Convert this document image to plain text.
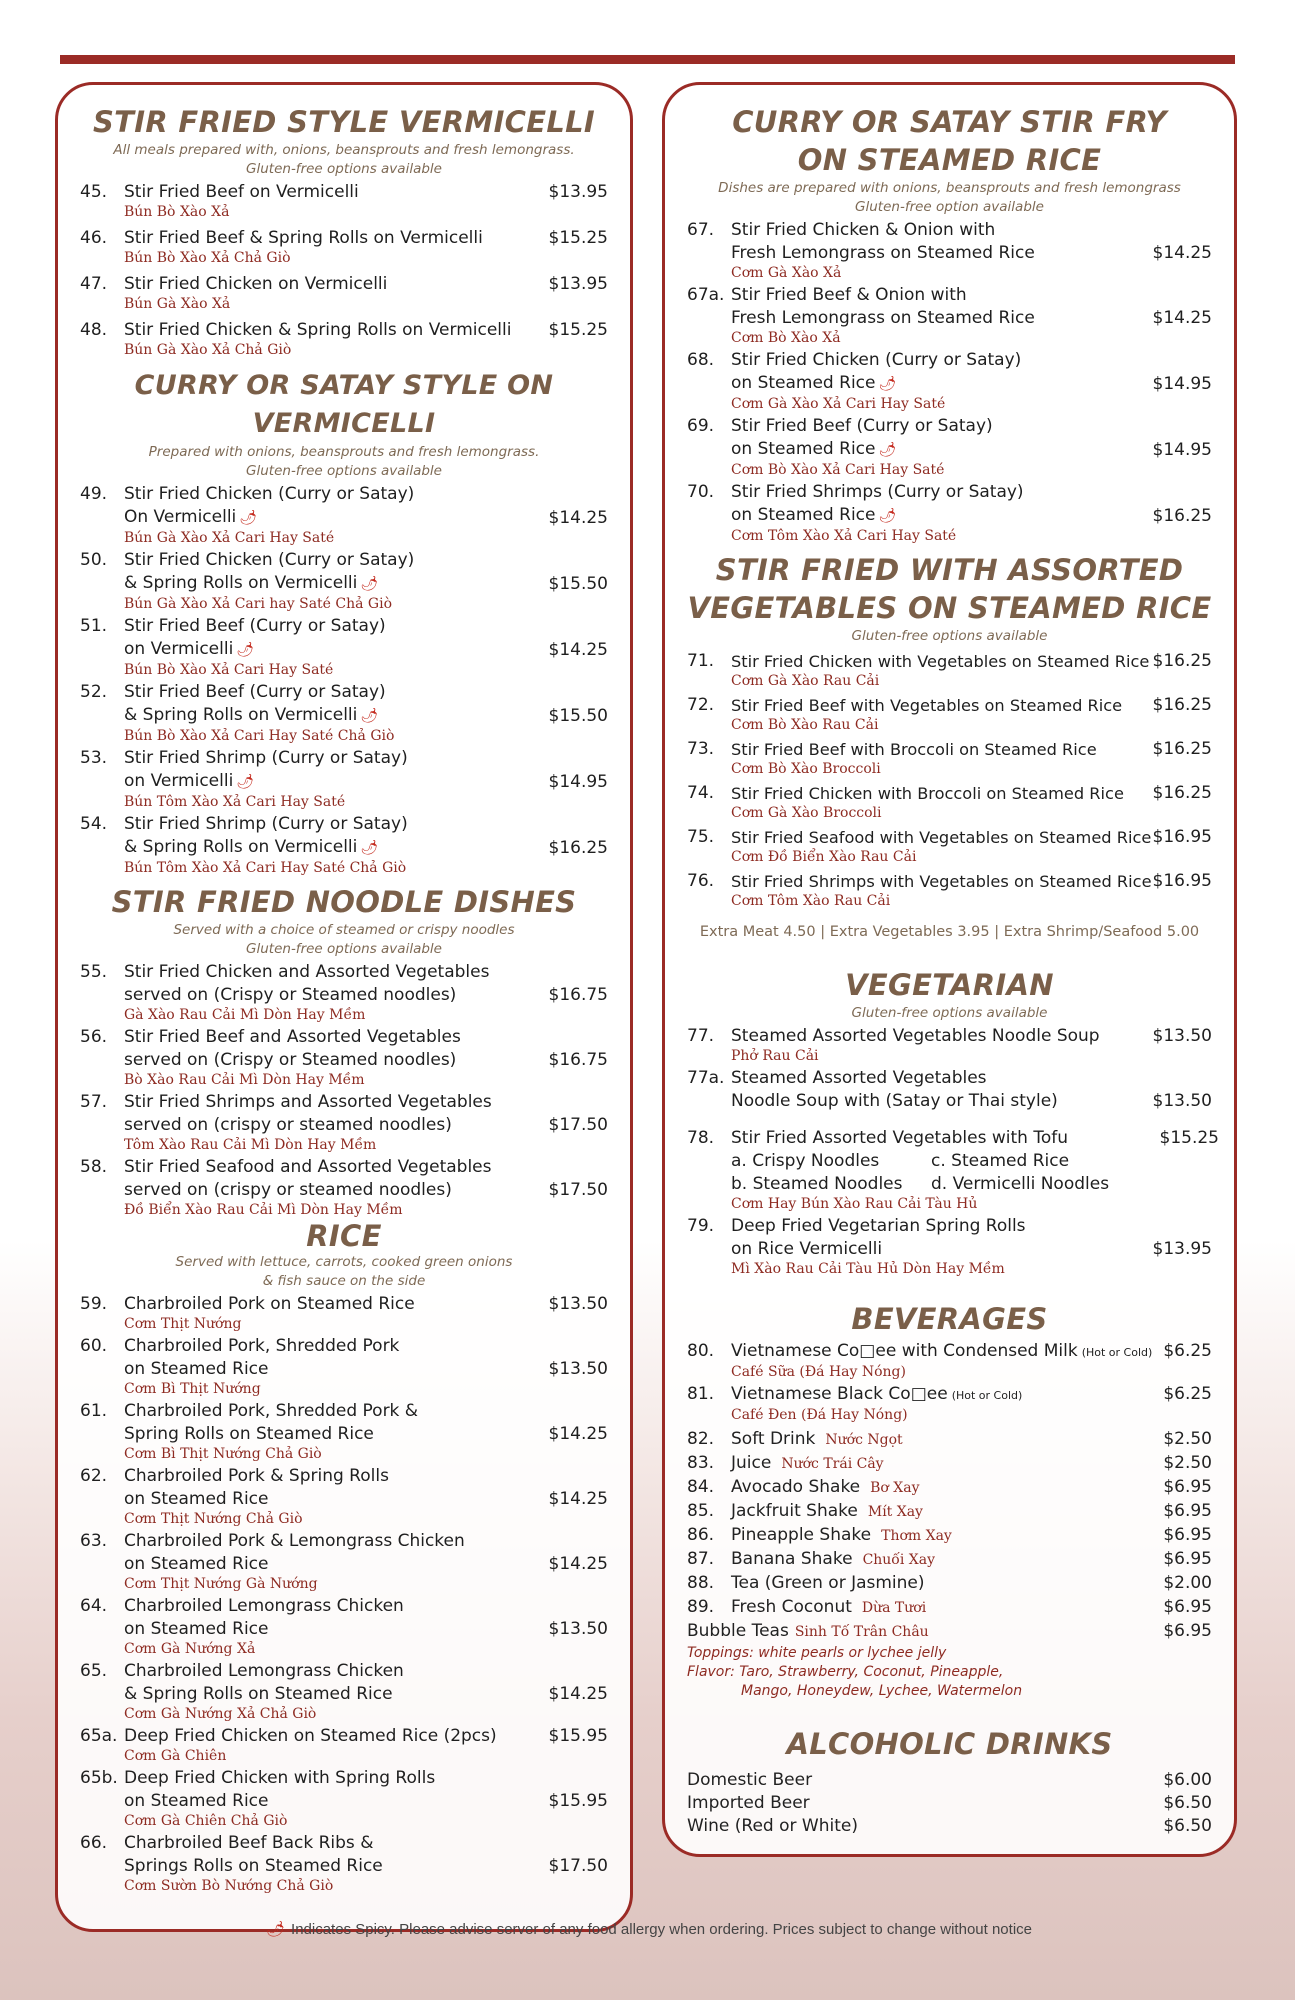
STIR FRIED STYLE VERMICELLI
All meals prepared with, onions, beansprouts and fresh lemongrass.
Gluten-free options available
45. Stir Fried Beef on Vermicelli
Bún Bò Xào Xả
$13.95
46. Stir Fried Beef & Spring Rolls on Vermicelli
Bún Bò Xào Xả Chả Giò
$15.25
47. Stir Fried Chicken on Vermicelli
Bún Gà Xào Xả
$13.95
48. Stir Fried Chicken & Spring Rolls on Vermicelli
Bún Gà Xào Xả Chả Giò
$15.25
CURRY OR SATAY STYLE ON VERMICELLI
Prepared with onions, beansprouts and fresh lemongrass.
Gluten-free options available
49. Stir Fried Chicken (Curry or Satay)
On Vermicelli 🌶
Bún Gà Xào Xả Cari Hay Saté
$14.25
50. Stir Fried Chicken (Curry or Satay)
& Spring Rolls on Vermicelli 🌶
Bún Gà Xào Xả Cari hay Saté Chả Giò
$15.50
51. Stir Fried Beef (Curry or Satay)
on Vermicelli 🌶
Bún Bò Xào Xả Cari Hay Saté
$14.25
52. Stir Fried Beef (Curry or Satay)
& Spring Rolls on Vermicelli 🌶
Bún Bò Xào Xả Cari Hay Saté Chả Giò
$15.50
53. Stir Fried Shrimp (Curry or Satay)
on Vermicelli 🌶
Bún Tôm Xào Xả Cari Hay Saté
$14.95
54. Stir Fried Shrimp (Curry or Satay)
& Spring Rolls on Vermicelli 🌶
Bún Tôm Xào Xả Cari Hay Saté Chả Giò
$16.25
STIR FRIED NOODLE DISHES
Served with a choice of steamed or crispy noodles
Gluten-free options available
55. Stir Fried Chicken and Assorted Vegetables
served on (Crispy or Steamed noodles)
Gà Xào Rau Cải Mì Dòn Hay Mềm
$16.75
56. Stir Fried Beef and Assorted Vegetables
served on (Crispy or Steamed noodles)
Bò Xào Rau Cải Mì Dòn Hay Mềm
$16.75
57. Stir Fried Shrimps and Assorted Vegetables
served on (crispy or steamed noodles)
Tôm Xào Rau Cải Mì Dòn Hay Mềm
$17.50
58. Stir Fried Seafood and Assorted Vegetables
served on (crispy or steamed noodles)
Đồ Biển Xào Rau Cải Mì Dòn Hay Mềm
$17.50
RICE
Served with lettuce, carrots, cooked green onions
& fish sauce on the side
59. Charbroiled Pork on Steamed Rice
Cơm Thịt Nướng
$13.50
60. Charbroiled Pork, Shredded Pork
on Steamed Rice
Cơm Bì Thịt Nướng
$13.50
61. Charbroiled Pork, Shredded Pork &
Spring Rolls on Steamed Rice
Cơm Bì Thịt Nướng Chả Giò
$14.25
62. Charbroiled Pork & Spring Rolls
on Steamed Rice
Cơm Thịt Nướng Chả Giò
$14.25
63. Charbroiled Pork & Lemongrass Chicken
on Steamed Rice
Cơm Thịt Nướng Gà Nướng
$14.25
64. Charbroiled Lemongrass Chicken
on Steamed Rice
Cơm Gà Nướng Xả
$13.50
65. Charbroiled Lemongrass Chicken
& Spring Rolls on Steamed Rice
Cơm Gà Nướng Xả Chả Giò
$14.25
65a. Deep Fried Chicken on Steamed Rice (2pcs)
Cơm Gà Chiên
$15.95
65b. Deep Fried Chicken with Spring Rolls
on Steamed Rice
Cơm Gà Chiên Chả Giò
$15.95
66. Charbroiled Beef Back Ribs &
Springs Rolls on Steamed Rice
Cơm Sườn Bò Nướng Chả Giò
$17.50
CURRY OR SATAY STIR FRY
ON STEAMED RICE
Dishes are prepared with onions, beansprouts and fresh lemongrass
Gluten-free option available
67. Stir Fried Chicken & Onion with
Fresh Lemongrass on Steamed Rice
Cơm Gà Xào Xả
$14.25
67a. Stir Fried Beef & Onion with
Fresh Lemongrass on Steamed Rice
Cơm Bò Xào Xả
$14.25
68. Stir Fried Chicken (Curry or Satay)
on Steamed Rice 🌶
Cơm Gà Xào Xả Cari Hay Saté
$14.95
69. Stir Fried Beef (Curry or Satay)
on Steamed Rice 🌶
Cơm Bò Xào Xả Cari Hay Saté
$14.95
70. Stir Fried Shrimps (Curry or Satay)
on Steamed Rice 🌶
Cơm Tôm Xào Xả Cari Hay Saté
$16.25
STIR FRIED WITH ASSORTED
VEGETABLES ON STEAMED RICE
Gluten-free options available
71.	Stir Fried Chicken with Vegetables on Steamed Rice
Cơm Gà Xào Rau Cải
$16.25
72.	Stir Fried Beef with Vegetables on Steamed Rice
Cơm Bò Xào Rau Cải
$16.25
73.	Stir Fried Beef with Broccoli on Steamed Rice
Cơm Bò Xào Broccoli
$16.25
74.	Stir Fried Chicken with Broccoli on Steamed Rice
Cơm Gà Xào Broccoli
$16.25
75.	Stir Fried Seafood with Vegetables on Steamed Rice
Cơm Đồ Biển Xào Rau Cải
$16.95
76.	Stir Fried Shrimps with Vegetables on Steamed Rice
Cơm Tôm Xào Rau Cải
$16.95
Extra Meat 4.50 | Extra Vegetables 3.95 | Extra Shrimp/Seafood 5.00
VEGETARIAN
Gluten-free options available
77. Steamed Assorted Vegetables Noodle Soup
Phở Rau Cải
$13.50
77a. Steamed Assorted Vegetables
Noodle Soup with (Satay or Thai style)	$13.50
78. Stir Fried Assorted Vegetables with Tofu
a. Crispy Noodles	c. Steamed Rice
b. Steamed Noodles	d. Vermicelli Noodles
Cơm Hay Bún Xào Rau Cải Tàu Hủ
$15.25
79. Deep Fried Vegetarian Spring Rolls
on Rice Vermicelli
Mì Xào Rau Cải Tàu Hủ Dòn Hay Mềm
$13.95
BEVERAGES
80. Vietnamese Co□ee with Condensed Milk (Hot or Cold)
Café Sữa (Đá Hay Nóng)
$6.25
81. Vietnamese Black Co□ee (Hot or Cold)
Café Đen (Đá Hay Nóng)
$6.25
82. Soft Drink Nước Ngọt	$2.50
83. Juice Nước Trái Cây	$2.50
84. Avocado Shake Bơ Xay	$6.95
85. Jackfruit Shake Mít Xay	$6.95
86. Pineapple Shake Thơm Xay	$6.95
87. Banana Shake Chuối Xay	$6.95
88. Tea (Green or Jasmine)	$2.00
89. Fresh Coconut Dừa Tươi	$6.95
Bubble Teas Sinh Tố Trân Châu	$6.95
Toppings: white pearls or lychee jelly
Flavor: Taro, Strawberry, Coconut, Pineapple,
Mango, Honeydew, Lychee, Watermelon
ALCOHOLIC DRINKS
Domestic Beer	$6.00
Imported Beer	$6.50
Wine (Red or White)	$6.50
🌶 Indicates Spicy. Please advise server of any food allergy when ordering. Prices subject to change without notice
